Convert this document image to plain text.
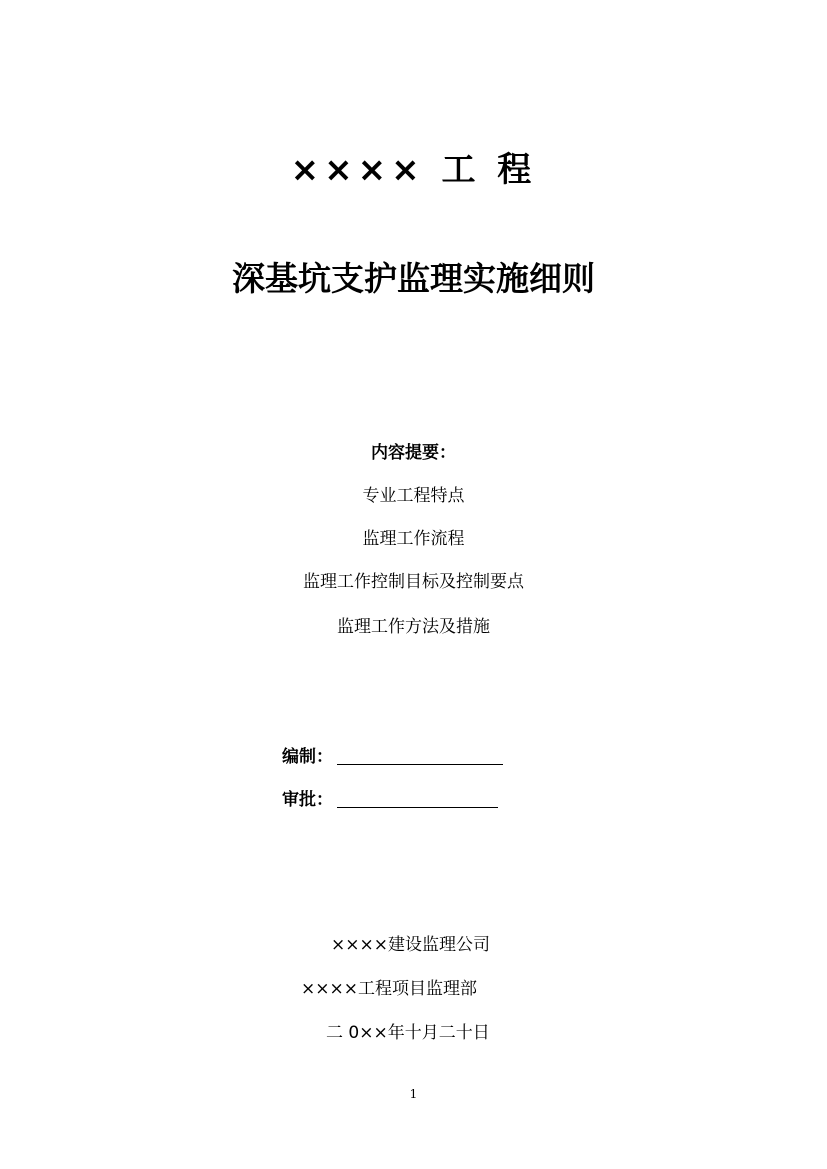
×××× 工 程
深基坑支护监理实施细则
内容提要：
专业工程特点
监理工作流程
监理工作控制目标及控制要点
监理工作方法及措施
编制：
审批：
××××建设监理公司
××××工程项目监理部
二 0××年十月二十日
1
